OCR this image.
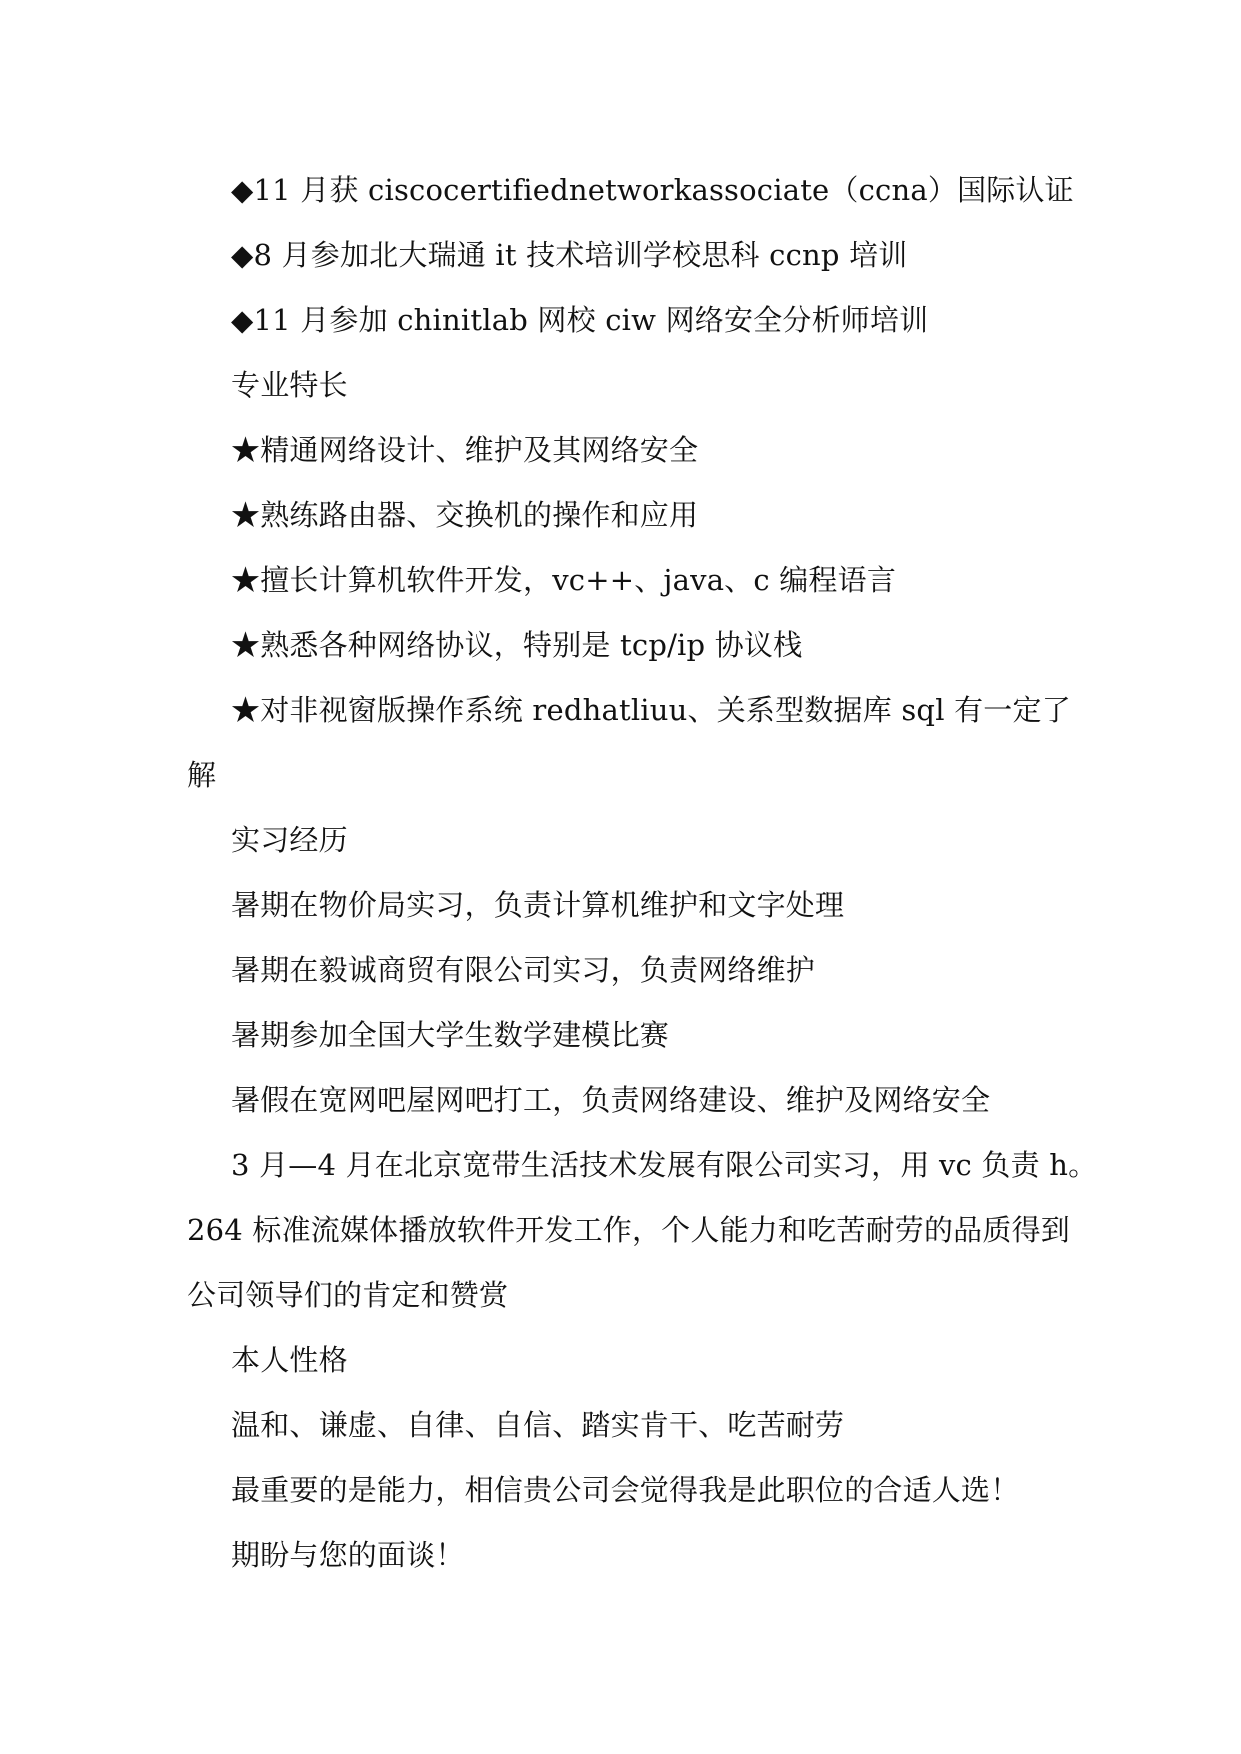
◆11 月获 ciscocertifiednetworkassociate（ccna）国际认证
◆8 月参加北大瑞通 it 技术培训学校思科 ccnp 培训
◆11 月参加 chinitlab 网校 ciw 网络安全分析师培训
专业特长
★精通网络设计、维护及其网络安全
★熟练路由器、交换机的操作和应用
★擅长计算机软件开发，vc++、java、c 编程语言
★熟悉各种网络协议，特别是 tcp/ip 协议栈
★对非视窗版操作系统 redhatliuu、关系型数据库 sql 有一定了
解
实习经历
暑期在物价局实习，负责计算机维护和文字处理
暑期在毅诚商贸有限公司实习，负责网络维护
暑期参加全国大学生数学建模比赛
暑假在宽网吧屋网吧打工，负责网络建设、维护及网络安全
3 月—4 月在北京宽带生活技术发展有限公司实习，用 vc 负责 h。
264 标准流媒体播放软件开发工作，个人能力和吃苦耐劳的品质得到
公司领导们的肯定和赞赏
本人性格
温和、谦虚、自律、自信、踏实肯干、吃苦耐劳
最重要的是能力，相信贵公司会觉得我是此职位的合适人选！
期盼与您的面谈！
